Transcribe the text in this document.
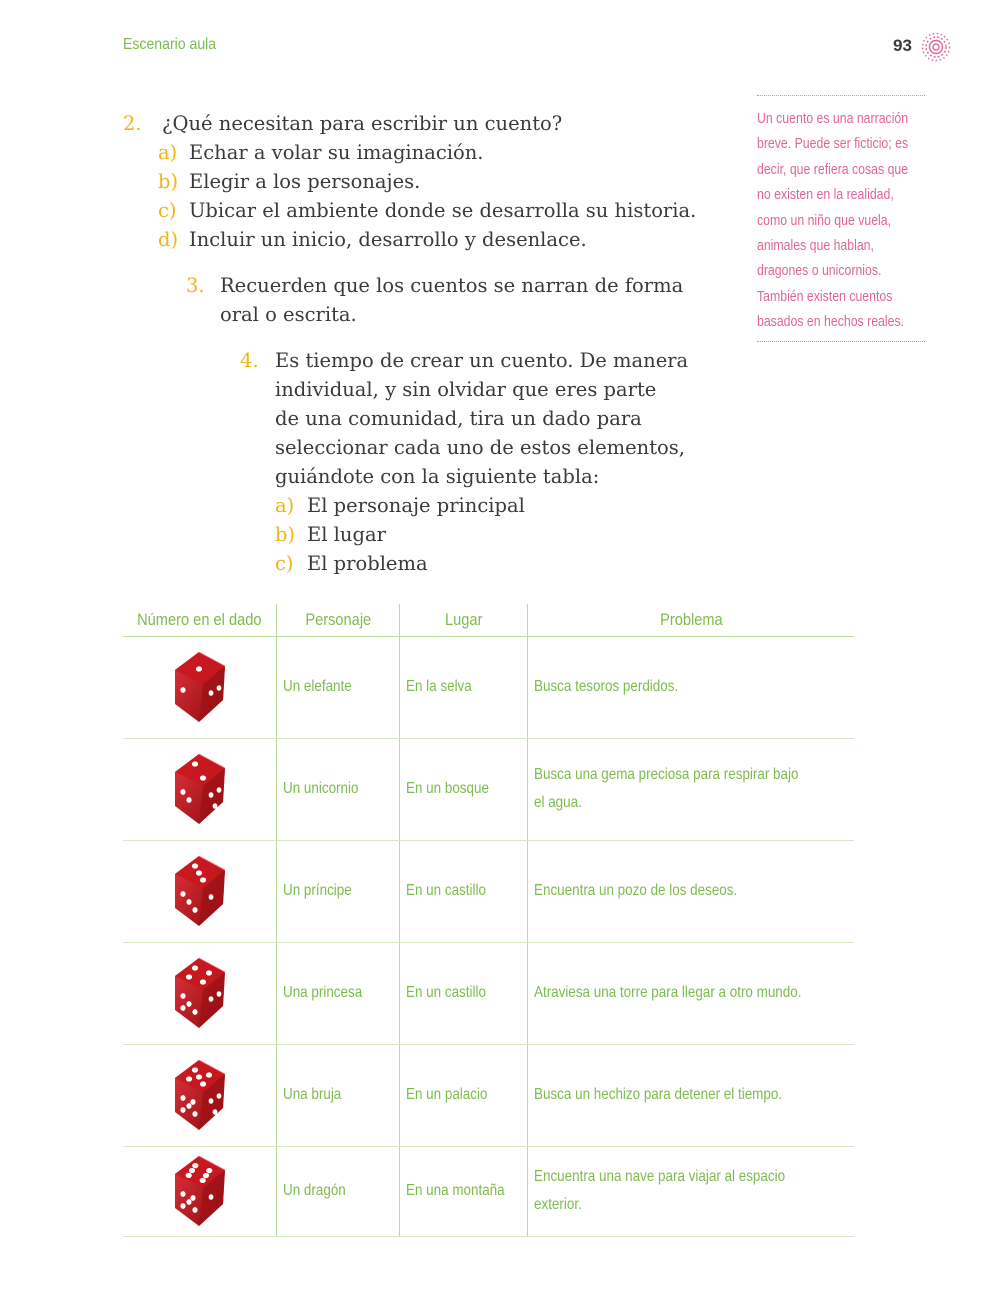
Escenario aula	93
2. ¿Qué necesitan para escribir un cuento?
a) Echar a volar su imaginación.
b) Elegir a los personajes.
c) Ubicar el ambiente donde se desarrolla su historia.
d) Incluir un inicio, desarrollo y desenlace.
3. Recuerden que los cuentos se narran de forma
oral o escrita.
4. Es tiempo de crear un cuento. De manera
individual, y sin olvidar que eres parte
de una comunidad, tira un dado para
seleccionar cada uno de estos elementos,
guiándote con la siguiente tabla:
a) El personaje principal
b) El lugar
c) El problema
Un cuento es una narración breve. Puede ser ficticio; es decir, que refiera cosas que no existen en la realidad, como un niño que vuela, animales que hablan, dragones o unicornios. También existen cuentos basados en hechos reales.
Número en el dado	Personaje	Lugar	Problema

	Un elefante	En la selva	Busca tesoros perdidos.

	Un unicornio	En un bosque	Busca una gema preciosa para respirar bajo el agua.

	Un príncipe	En un castillo	Encuentra un pozo de los deseos.

	Una princesa	En un castillo	Atraviesa una torre para llegar a otro mundo.

	Una bruja	En un palacio	Busca un hechizo para detener el tiempo.

	Un dragón	En una montaña	Encuentra una nave para viajar al espacio exterior.
